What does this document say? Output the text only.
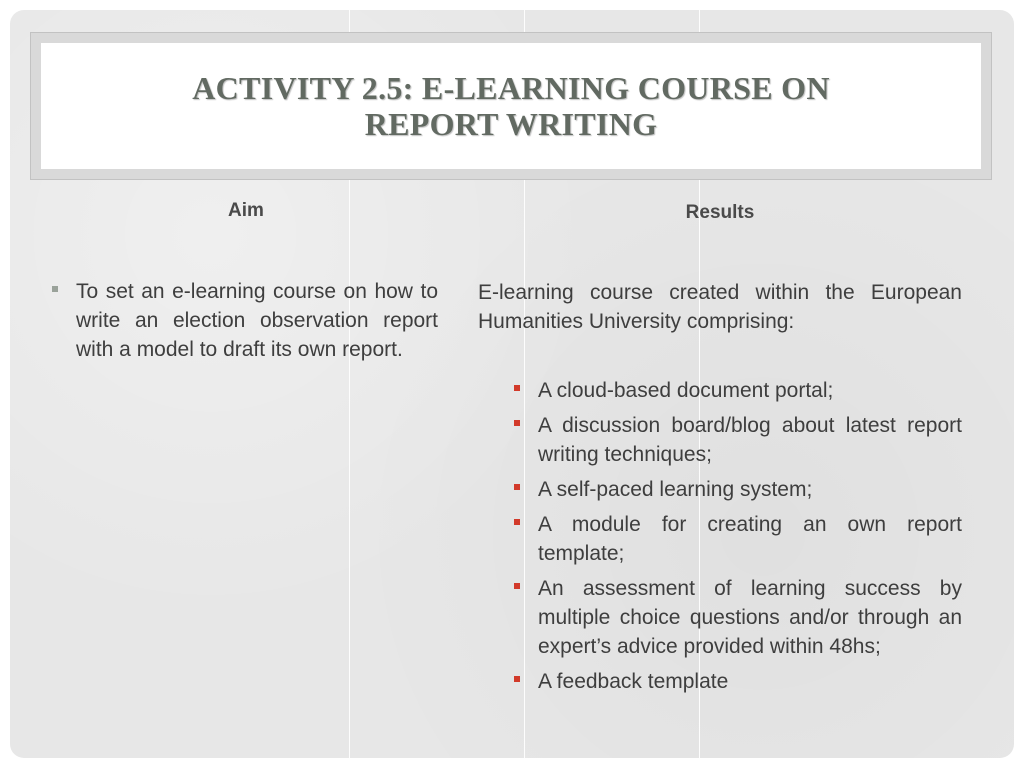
ACTIVITY 2.5: E-LEARNING COURSE ON REPORT WRITING
Aim	Results
To set an e-learning course on how to write an election observation report with a model to draft its own report.
E-learning course created within the European Humanities University comprising:
A cloud-based document portal;
A discussion board/blog about latest report writing techniques;
A self-paced learning system;
A module for creating an own report template;
An assessment of learning success by multiple choice questions and/or through an expert’s advice provided within 48hs;
A feedback template
